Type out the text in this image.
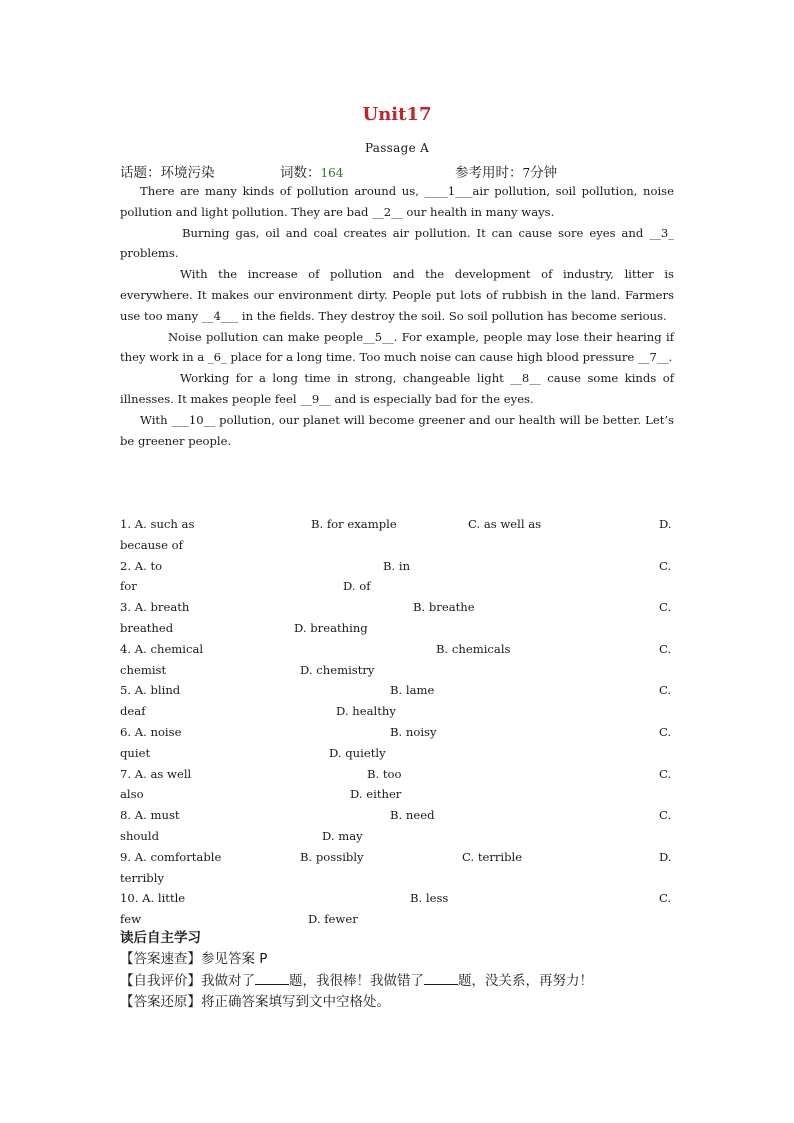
Unit17
Passage A
话题：环境污染	词数：164	参考用时：7分钟

There are many kinds of pollution around us, ____1___air pollution, soil pollution, noise pollution and light pollution. They are bad __2__ our health in many ways.

Burning gas, oil and coal creates air pollution. It can cause sore eyes and __3_ problems.

With the increase of pollution and the development of industry, litter is everywhere. It makes our environment dirty. People put lots of rubbish in the land. Farmers use too many __4___ in the fields. They destroy the soil. So soil pollution has become serious.

Noise pollution can make people__5__. For example, people may lose their hearing if they work in a _6_ place for a long time. Too much noise can cause high blood pressure __7__.

Working for a long time in strong, changeable light __8__ cause some kinds of illnesses. It makes people feel __9__ and is especially bad for the eyes.

With ___10__ pollution, our planet will become greener and our health will be better. Let’s be greener people.

1. A. such as	B. for example	C. as well as	D.
because of
2. A. to	B. in	C.
for	D. of
3. A. breath	B. breathe	C.
breathed	D. breathing
4. A. chemical	B. chemicals	C.
chemist	D. chemistry
5. A. blind	B. lame	C.
deaf	D. healthy
6. A. noise	B. noisy	C.
quiet	D. quietly
7. A. as well	B. too	C.
also	D. either
8. A. must	B. need	C.
should	D. may
9. A. comfortable	B. possibly	C. terrible	D.
terribly
10. A. little	B. less	C.
few	D. fewer
读后自主学习
【答案速查】参见答案 P
【自我评价】我做对了	题，我很棒！我做错了	题，没关系，再努力！
【答案还原】将正确答案填写到文中空格处。
